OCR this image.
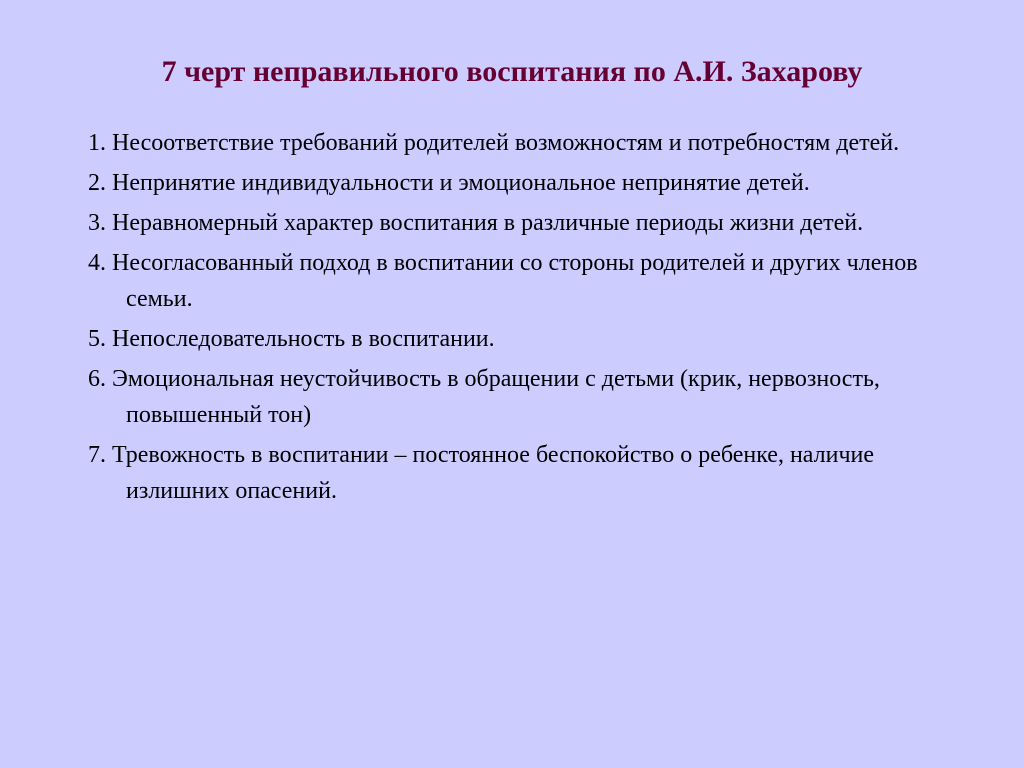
7 черт неправильного воспитания по А.И. Захарову
1. Несоответствие требований родителей возможностям и потребностям детей.
2. Непринятие индивидуальности и эмоциональное непринятие детей.
3. Неравномерный характер воспитания в различные периоды жизни детей.
4. Несогласованный подход в воспитании со стороны родителей и других членов семьи.
5. Непоследовательность в воспитании.
6. Эмоциональная неустойчивость в обращении с детьми (крик, нервозность, повышенный тон)
7. Тревожность в воспитании – постоянное беспокойство о ребенке, наличие излишних опасений.
